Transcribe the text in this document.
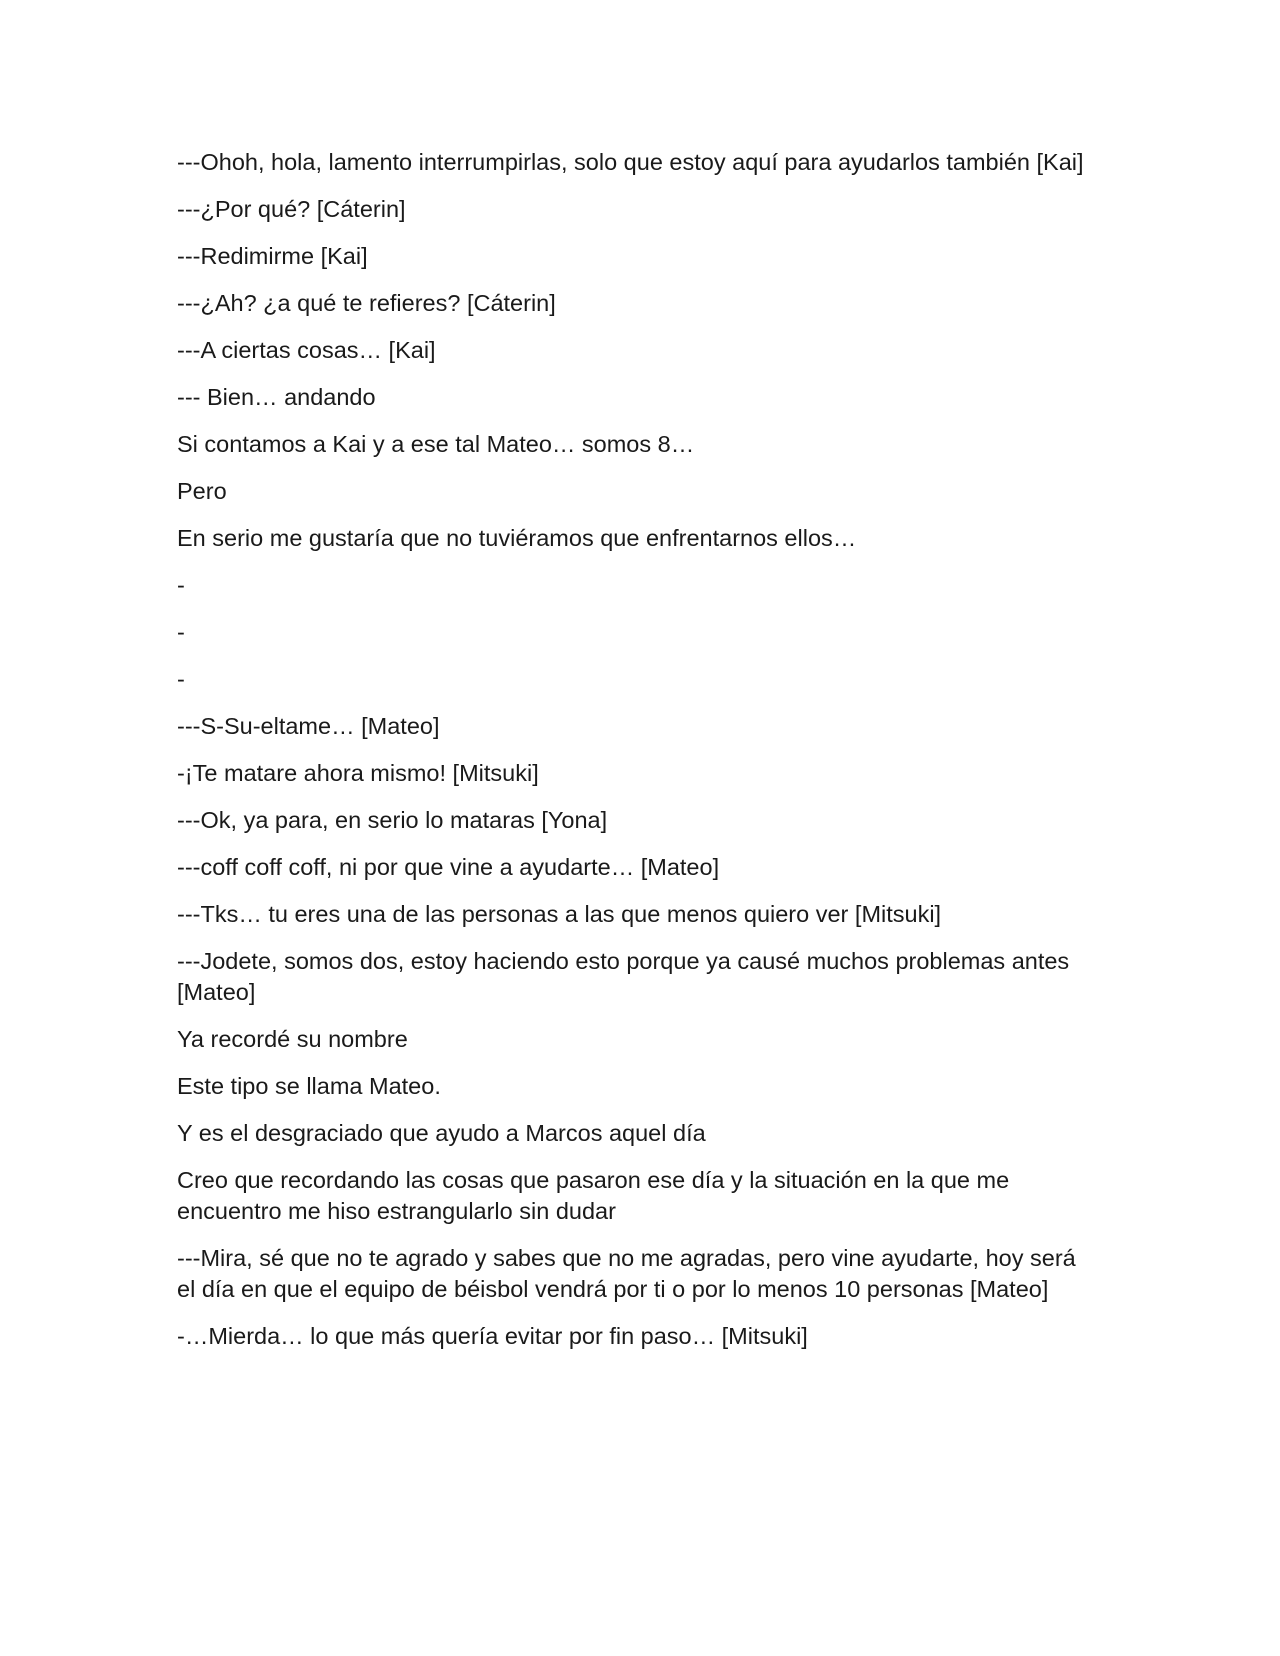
---Ohoh, hola, lamento interrumpirlas, solo que estoy aquí para ayudarlos también [Kai]

---¿Por qué? [Cáterin]

---Redimirme [Kai]

---¿Ah? ¿a qué te refieres? [Cáterin]

---A ciertas cosas… [Kai]

--- Bien… andando

Si contamos a Kai y a ese tal Mateo… somos 8…

Pero

En serio me gustaría que no tuviéramos que enfrentarnos ellos…

-

-

-

---S-Su-eltame… [Mateo]

-¡Te matare ahora mismo! [Mitsuki]

---Ok, ya para, en serio lo mataras [Yona]

---coff coff coff, ni por que vine a ayudarte… [Mateo]

---Tks… tu eres una de las personas a las que menos quiero ver [Mitsuki]

---Jodete, somos dos, estoy haciendo esto porque ya causé muchos problemas antes [Mateo]

Ya recordé su nombre

Este tipo se llama Mateo.

Y es el desgraciado que ayudo a Marcos aquel día

Creo que recordando las cosas que pasaron ese día y la situación en la que me encuentro me hiso estrangularlo sin dudar

---Mira, sé que no te agrado y sabes que no me agradas, pero vine ayudarte, hoy será el día en que el equipo de béisbol vendrá por ti o por lo menos 10 personas [Mateo]

-…Mierda… lo que más quería evitar por fin paso… [Mitsuki]
